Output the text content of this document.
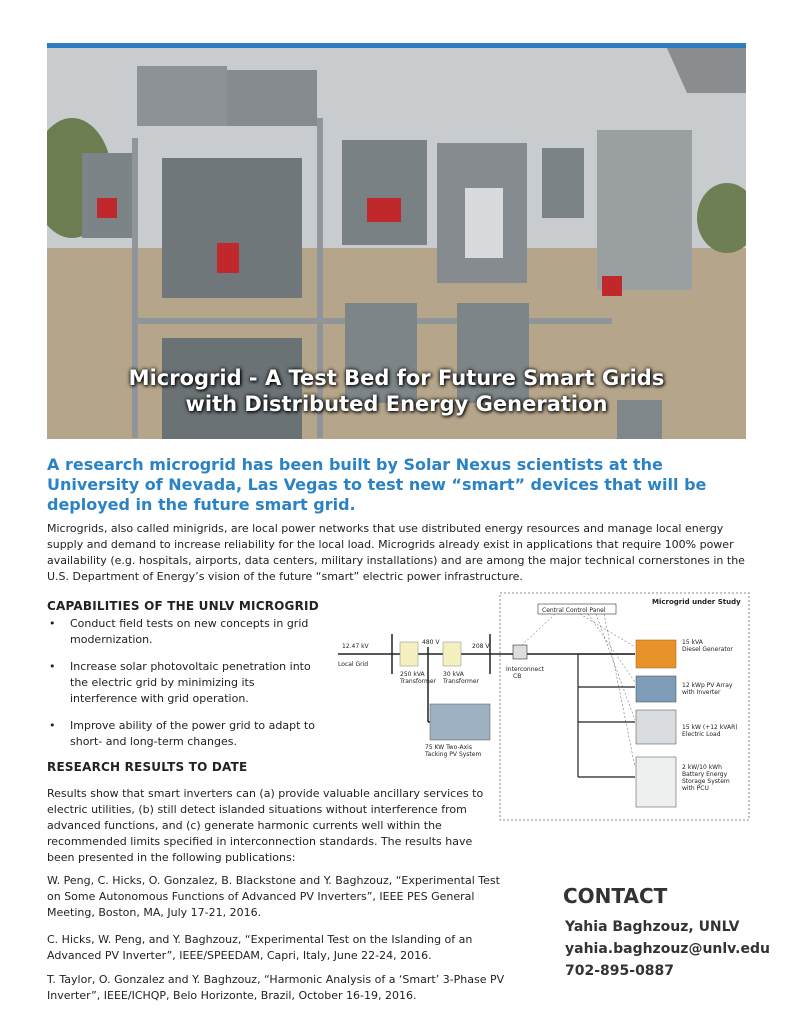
Microgrid - A Test Bed for Future Smart Grids
with Distributed Energy Generation

A research microgrid has been built by Solar Nexus scientists at the University of Nevada, Las Vegas to test new “smart” devices that will be deployed in the future smart grid.

Microgrids, also called minigrids, are local power networks that use distributed energy resources and manage local energy supply and demand to increase reliability for the local load. Microgrids already exist in applications that require 100% power availability (e.g. hospitals, airports, data centers, military installations) and are among the major technical cornerstones in the U.S. Department of Energy’s vision of the future “smart” electric power infrastructure.

CAPABILITIES OF THE UNLV MICROGRID
• Conduct field tests on new concepts in grid modernization.
• Increase solar photovoltaic penetration into the electric grid by minimizing its interference with grid operation.
• Improve ability of the power grid to adapt to short- and long-term changes.
RESEARCH RESULTS TO DATE

Results show that smart inverters can (a) provide valuable ancillary services to electric utilities, (b) still detect islanded situations without interference from advanced functions, and (c) generate harmonic currents well within the recommended limits specified in interconnection standards. The results have been presented in the following publications:

W. Peng, C. Hicks, O. Gonzalez, B. Blackstone and Y. Baghzouz, “Experimental Test on Some Autonomous Functions of Advanced PV Inverters”, IEEE PES General Meeting, Boston, MA, July 17-21, 2016.

C. Hicks, W. Peng, and Y. Baghzouz, “Experimental Test on the Islanding of an Advanced PV Inverter”, IEEE/SPEEDAM, Capri, Italy, June 22-24, 2016.

T. Taylor, O. Gonzalez and Y. Baghzouz, “Harmonic Analysis of a ‘Smart’ 3-Phase PV Inverter”, IEEE/ICHQP, Belo Horizonte, Brazil, October 16-19, 2016.

Microgrid under Study
Central Control Panel
12.47 kV
480 V
208 V
Local Grid
250 kVA
Transformer
30 kVA
Transformer
Interconnect
CB
75 KW Two-Axis
Tacking PV System
15 kVA
Diesel Generator
12 kWp PV Array
with Inverter
15 kW (+12 kVAR)
Electric Load
2 kW/10 kWh
Battery Energy
Storage System
with PCU
CONTACT

Yahia Baghzouz, UNLV

yahia.baghzouz@unlv.edu

702-895-0887
